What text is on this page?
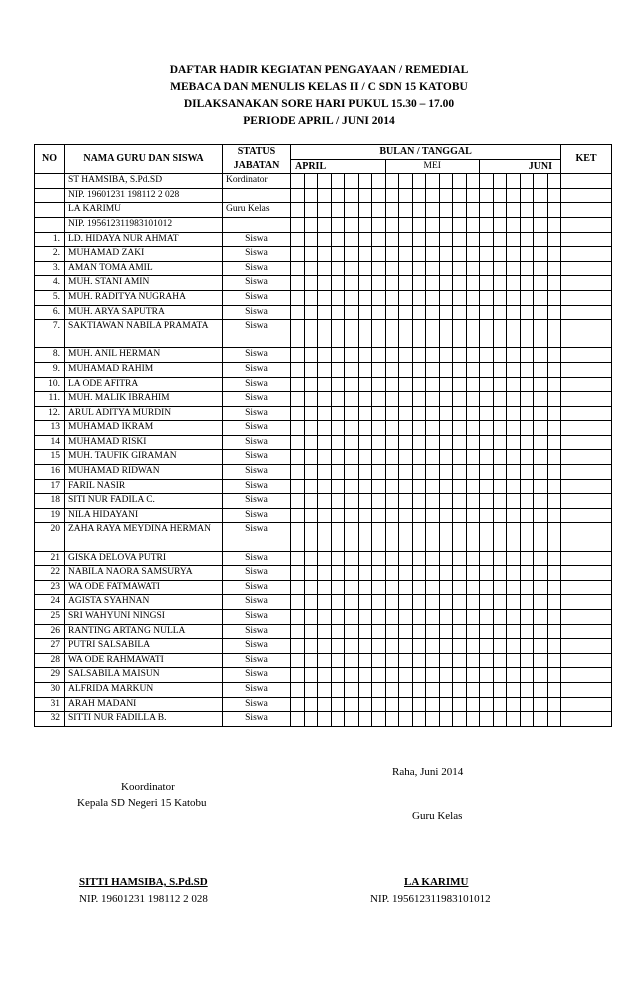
DAFTAR HADIR KEGIATAN PENGAYAAN / REMEDIAL
MEBACA DAN MENULIS KELAS II / C SDN 15 KATOBU
DILAKSANAKAN SORE HARI PUKUL 15.30 – 17.00
PERIODE APRIL / JUNI 2014
NO	NAMA GURU DAN SISWA	STATUS	BULAN / TANGGAL																				KET
		JABATAN	APRIL							MEI							JUNI						
	ST HAMSIBA, S.Pd.SD	Kordinator																					
	NIP. 19601231 198112 2 028																						
	LA KARIMU	Guru Kelas																					
	NIP. 195612311983101012																						
1.	LD. HIDAYA NUR AHMAT	Siswa																					
2.	MUHAMAD ZAKI	Siswa																					
3.	AMAN TOMA AMIL	Siswa																					
4.	MUH. STANI AMIN	Siswa																					
5.	MUH. RADITYA NUGRAHA	Siswa																					
6.	MUH. ARYA SAPUTRA	Siswa																					
7.	SAKTIAWAN NABILA PRAMATA	Siswa																					
8.	MUH. ANIL HERMAN	Siswa																					
9.	MUHAMAD RAHIM	Siswa																					
10.	LA ODE AFITRA	Siswa																					
11.	MUH. MALIK IBRAHIM	Siswa																					
12.	ARUL ADITYA MURDIN	Siswa																					
13	MUHAMAD IKRAM	Siswa																					
14	MUHAMAD RISKI	Siswa																					
15	MUH. TAUFIK GIRAMAN	Siswa																					
16	MUHAMAD RIDWAN	Siswa																					
17	FARIL NASIR	Siswa																					
18	SITI NUR FADILA C.	Siswa																					
19	NILA HIDAYANI	Siswa																					
20	ZAHA RAYA MEYDINA HERMAN	Siswa																					
21	GISKA DELOVA PUTRI	Siswa																					
22	NABILA NAORA SAMSURYA	Siswa																					
23	WA ODE FATMAWATI	Siswa																					
24	AGISTA SYAHNAN	Siswa																					
25	SRI WAHYUNI NINGSI	Siswa																					
26	RANTING ARTANG NULLA	Siswa																					
27	PUTRI SALSABILA	Siswa																					
28	WA ODE RAHMAWATI	Siswa																					
29	SALSABILA MAISUN	Siswa																					
30	ALFRIDA MARKUN	Siswa																					
31	ARAH MADANI	Siswa																					
32	SITTI NUR FADILLA B.	Siswa																					
Raha, Juni 2014
Koordinator
Kepala SD Negeri 15 Katobu
Guru Kelas
SITTI HAMSIBA, S.Pd.SD
NIP. 19601231 198112 2 028
LA KARIMU
NIP. 195612311983101012
